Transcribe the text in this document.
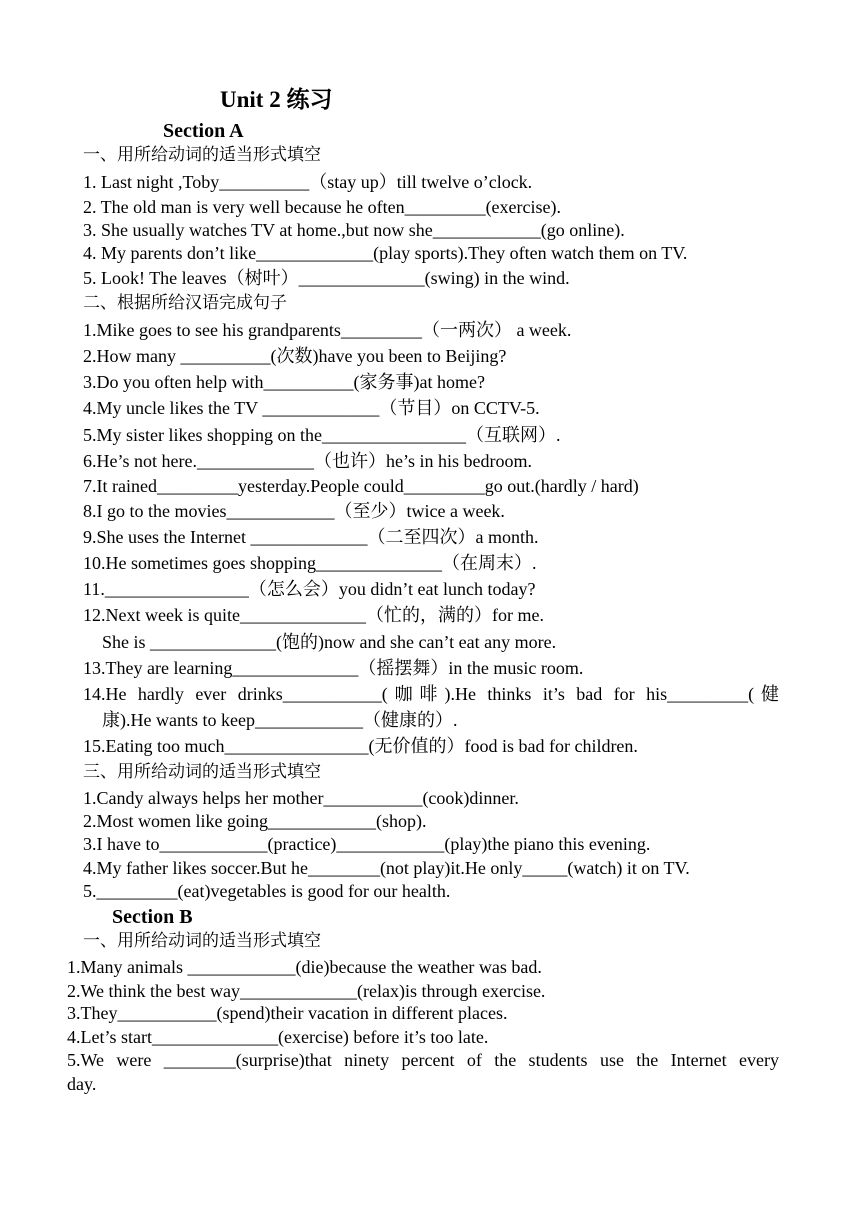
Unit 2 练习
Section A
一、用所给动词的适当形式填空
1. Last night ,Toby__________（stay up）till twelve o’clock.
2. The old man is very well because he often_________(exercise).
3. She usually watches TV at home.,but now she____________(go online).
4. My parents don’t like_____________(play sports).They often watch them on TV.
5. Look! The leaves（树叶）______________(swing) in the wind.
二、根据所给汉语完成句子
1.Mike goes to see his grandparents_________（一两次） a week.
2.How many __________(次数)have you been to Beijing?
3.Do you often help with__________(家务事)at home?
4.My uncle likes the TV _____________（节目）on CCTV-5.
5.My sister likes shopping on the________________（互联网）.
6.He’s not here._____________（也许）he’s in his bedroom.
7.It rained_________yesterday.People could_________go out.(hardly / hard)
8.I go to the movies____________（至少）twice a week.
9.She uses the Internet _____________（二至四次）a month.
10.He sometimes goes shopping______________（在周末）.
11.________________（怎么会）you didn’t eat lunch today?
12.Next week is quite______________（忙的，满的）for me.
She is ______________(饱的)now and she can’t eat any more.
13.They are learning______________（摇摆舞）in the music room.
14.He hardly ever drinks___________(咖啡).He thinks it’s bad for his_________(健
康).He wants to keep____________（健康的）.
15.Eating too much________________(无价值的）food is bad for children.
三、用所给动词的适当形式填空
1.Candy always helps her mother___________(cook)dinner.
2.Most women like going____________(shop).
3.I have to____________(practice)____________(play)the piano this evening.
4.My father likes soccer.But he________(not play)it.He only_____(watch) it on TV.
5._________(eat)vegetables is good for our health.
Section B
一、用所给动词的适当形式填空
1.Many animals ____________(die)because the weather was bad.
2.We think the best way_____________(relax)is through exercise.
3.They___________(spend)their vacation in different places.
4.Let’s start______________(exercise) before it’s too late.
5.We were ________(surprise)that ninety percent of the students use the Internet every
day.
